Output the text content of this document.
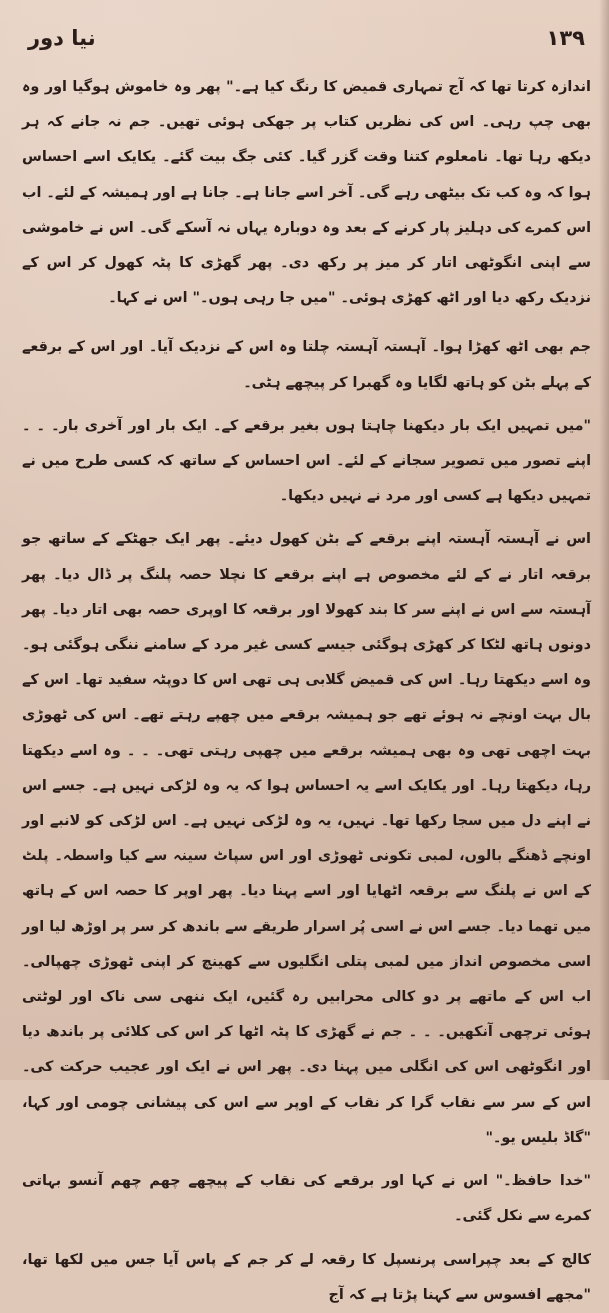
نیا دور	۱۳۹

اندازہ کرتا تھا کہ آج تمہاری قمیض کا رنگ کیا ہے۔" پھر وہ خاموش ہوگیا اور وہ بھی چپ رہی۔ اس کی نظریں کتاب پر جھکی ہوئی تھیں۔ جم نہ جانے کہ ہر دیکھ رہا تھا۔ نامعلوم کتنا وقت گزر گیا۔ کئی جگ بیت گئے۔ یکایک اسے احساس ہوا کہ وہ کب تک بیٹھی رہے گی۔ آخر اسے جانا ہے۔ جانا ہے اور ہمیشہ کے لئے۔ اب اس کمرے کی دہلیز پار کرنے کے بعد وہ دوبارہ یہاں نہ آسکے گی۔ اس نے خاموشی سے اپنی انگوٹھی اتار کر میز پر رکھ دی۔ پھر گھڑی کا پٹہ کھول کر اس کے نزدیک رکھ دیا اور اٹھ کھڑی ہوئی۔ "میں جا رہی ہوں۔" اس نے کہا۔

جم بھی اٹھ کھڑا ہوا۔ آہستہ آہستہ چلتا وہ اس کے نزدیک آیا۔ اور اس کے برقعے کے پہلے بٹن کو ہاتھ لگایا وہ گھبرا کر پیچھے ہٹی۔

"میں تمہیں ایک بار دیکھنا چاہتا ہوں بغیر برقعے کے۔ ایک بار اور آخری بار۔ ۔ ۔ اپنے تصور میں تصویر سجانے کے لئے۔ اس احساس کے ساتھ کہ کسی طرح میں نے تمہیں دیکھا ہے کسی اور مرد نے نہیں دیکھا۔

اس نے آہستہ آہستہ اپنے برقعے کے بٹن کھول دیئے۔ پھر ایک جھٹکے کے ساتھ جو برقعہ اتار نے کے لئے مخصوص ہے اپنے برقعے کا نچلا حصہ پلنگ پر ڈال دیا۔ پھر آہستہ سے اس نے اپنے سر کا بند کھولا اور برقعہ کا اوپری حصہ بھی اتار دیا۔ پھر دونوں ہاتھ لٹکا کر کھڑی ہوگئی جیسے کسی غیر مرد کے سامنے ننگی ہوگئی ہو۔ وہ اسے دیکھتا رہا۔ اس کی قمیض گلابی ہی تھی اس کا دوپٹہ سفید تھا۔ اس کے بال بہت اونچے نہ ہوئے تھے جو ہمیشہ برقعے میں چھپے رہتے تھے۔ اس کی ٹھوڑی بہت اچھی تھی وہ بھی ہمیشہ برقعے میں چھپی رہتی تھی۔ ۔ ۔ وہ اسے دیکھتا رہا، دیکھتا رہا۔ اور یکایک اسے یہ احساس ہوا کہ یہ وہ لڑکی نہیں ہے۔ جسے اس نے اپنے دل میں سجا رکھا تھا۔ نہیں، یہ وہ لڑکی نہیں ہے۔ اس لڑکی کو لانبے اور اونچے ڈھنگے بالوں، لمبی تکونی ٹھوڑی اور اس سپاٹ سینہ سے کیا واسطہ۔ پلٹ کے اس نے پلنگ سے برقعہ اٹھایا اور اسے پہنا دیا۔ پھر اوپر کا حصہ اس کے ہاتھ میں تھما دیا۔ جسے اس نے اسی پُر اسرار طریقے سے باندھ کر سر پر اوڑھ لیا اور اسی مخصوص انداز میں لمبی پتلی انگلیوں سے کھینچ کر اپنی ٹھوڑی چھپالی۔ اب اس کے ماتھے پر دو کالی محرابیں رہ گئیں، ایک ننھی سی ناک اور لوٹتی ہوئی ترچھی آنکھیں۔ ۔ ۔ جم نے گھڑی کا پٹہ اٹھا کر اس کی کلائی پر باندھ دیا اور انگوٹھی اس کی انگلی میں پہنا دی۔ پھر اس نے ایک اور عجیب حرکت کی۔ اس کے سر سے نقاب گرا کر نقاب کے اوپر سے اس کی پیشانی چومی اور کہا، "گاڈ بلیس یو۔"

"خدا حافظ۔" اس نے کہا اور برقعے کی نقاب کے پیچھے چھم چھم آنسو بہاتی کمرے سے نکل گئی۔

کالج کے بعد چپراسی پرنسپل کا رقعہ لے کر جم کے پاس آیا جس میں لکھا تھا، "مجھے افسوس سے کہنا پڑتا ہے کہ آج
